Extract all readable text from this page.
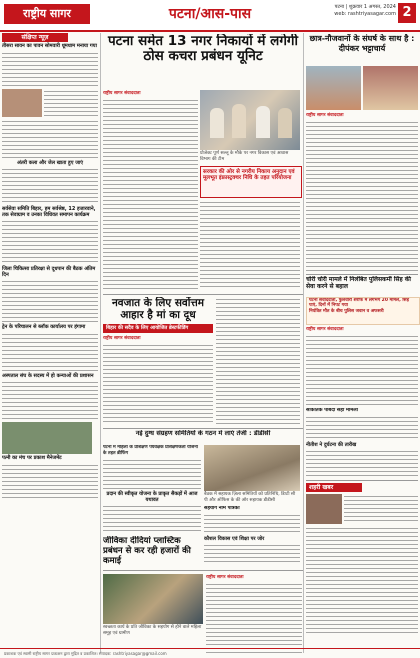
राष्ट्रीय सागर	पटना/आस-पास	पटना | शुक्रवार 1 अगस्त, 2024
web: rashtriyasagar.com 2
संक्षिप्त न्यूज़
तीसरा सावन का पावन सोमवारी धूमधाम मनाया गया
अंतरी कला और जेल खाता हुए जाएं
सर्वसेवा समिति बिहार, हम सर्वश्रेष्ठ, 12 हजारवाने, तक सेवाग्राम व उनका विधिवत समापन कार्यक्रम
जिला चिकित्सा प्रतिरक्षा से दूधपान की बैठक अंतिम दिन
ट्रेन के परिचालन से ब्लॉक कार्यालय पर हंगामा
अस्पताल संघ के सदस्य में हो कन्याओं की प्रशासन
पत्नी का मंच पर प्रकाश मैनेजमेंट
पटना समेत 13 नगर निकायों में लगेगी ठोस कचरा प्रबंधन यूनिट
राष्ट्रीय सागर संवाददाता
प्रोजेक्ट पूर्ण सल्लू के मौके पर नगर विकास एवं आवास विभाग की टीम
सरकार की ओर से नगरीय निकाय अनुदान एवं मूलभूत इंफ्रास्ट्रक्चर निधि के तहत परियोजना
छात्र-नौजवानों के संघर्ष के साथ है : दीपंकर भट्टाचार्य
राष्ट्रीय सागर संवाददाता
नवजात के लिए सर्वोत्तम आहार है मां का दूध
बिहार की सदैव के लिए आयोजित ब्रेस्टफीडिंग
राष्ट्रीय सागर संवाददाता
चोरी चोरी मामले में निलंबित पुलिसकर्मी सिंह की सेवा करने से बहाल
पटना संवाददाता, फुलवारी शरीफ में लगभग 20 मामले, सिंह पाएं, दिनों में निपट गया
नियंत्रित मौत के बीच पुलिस जवान व अफसरी
राष्ट्रीय सागर संवाददाता
सांकेतिक पाबंदी सही मामला
नीतीश ने दुर्घटना की तारीख
नई दुग्ध संग्रहण समितियों के गठन में लाएं तेजी : डीडीसी
पटना में महिला के प्रशिक्षण पर्यवेक्षक प्रशिक्षणकर्ता योजना के तहत ब्रीफिंग
प्रदान की स्वीकृत योजना के प्राकृत सैकड़ों में आज यथावत
बैठक में सहायक ज़िला समितियों को प्रतिनिधि, डिप्टी सी पी और ऑफिस के की ओर सहायक डीडीसी
सहयोग नाम पत्रिका
कौशल विकास एवं शिक्षा पर जोर
जीविका दीदियां प्लास्टिक प्रबंधन से कर रही हजारों की कमाई
स्वच्छता कार्य के प्रति जीविका के सहयोग से होने वाले महिला समूह एवं ग्रामीण
राष्ट्रीय सागर संवाददाता
शहरी खबर
प्रकाशक एवं स्वामी राष्ट्रीय सागर प्रकाशन द्वारा मुद्रित व प्रकाशित। संपादक: rashtriyasagar@gmail.com
